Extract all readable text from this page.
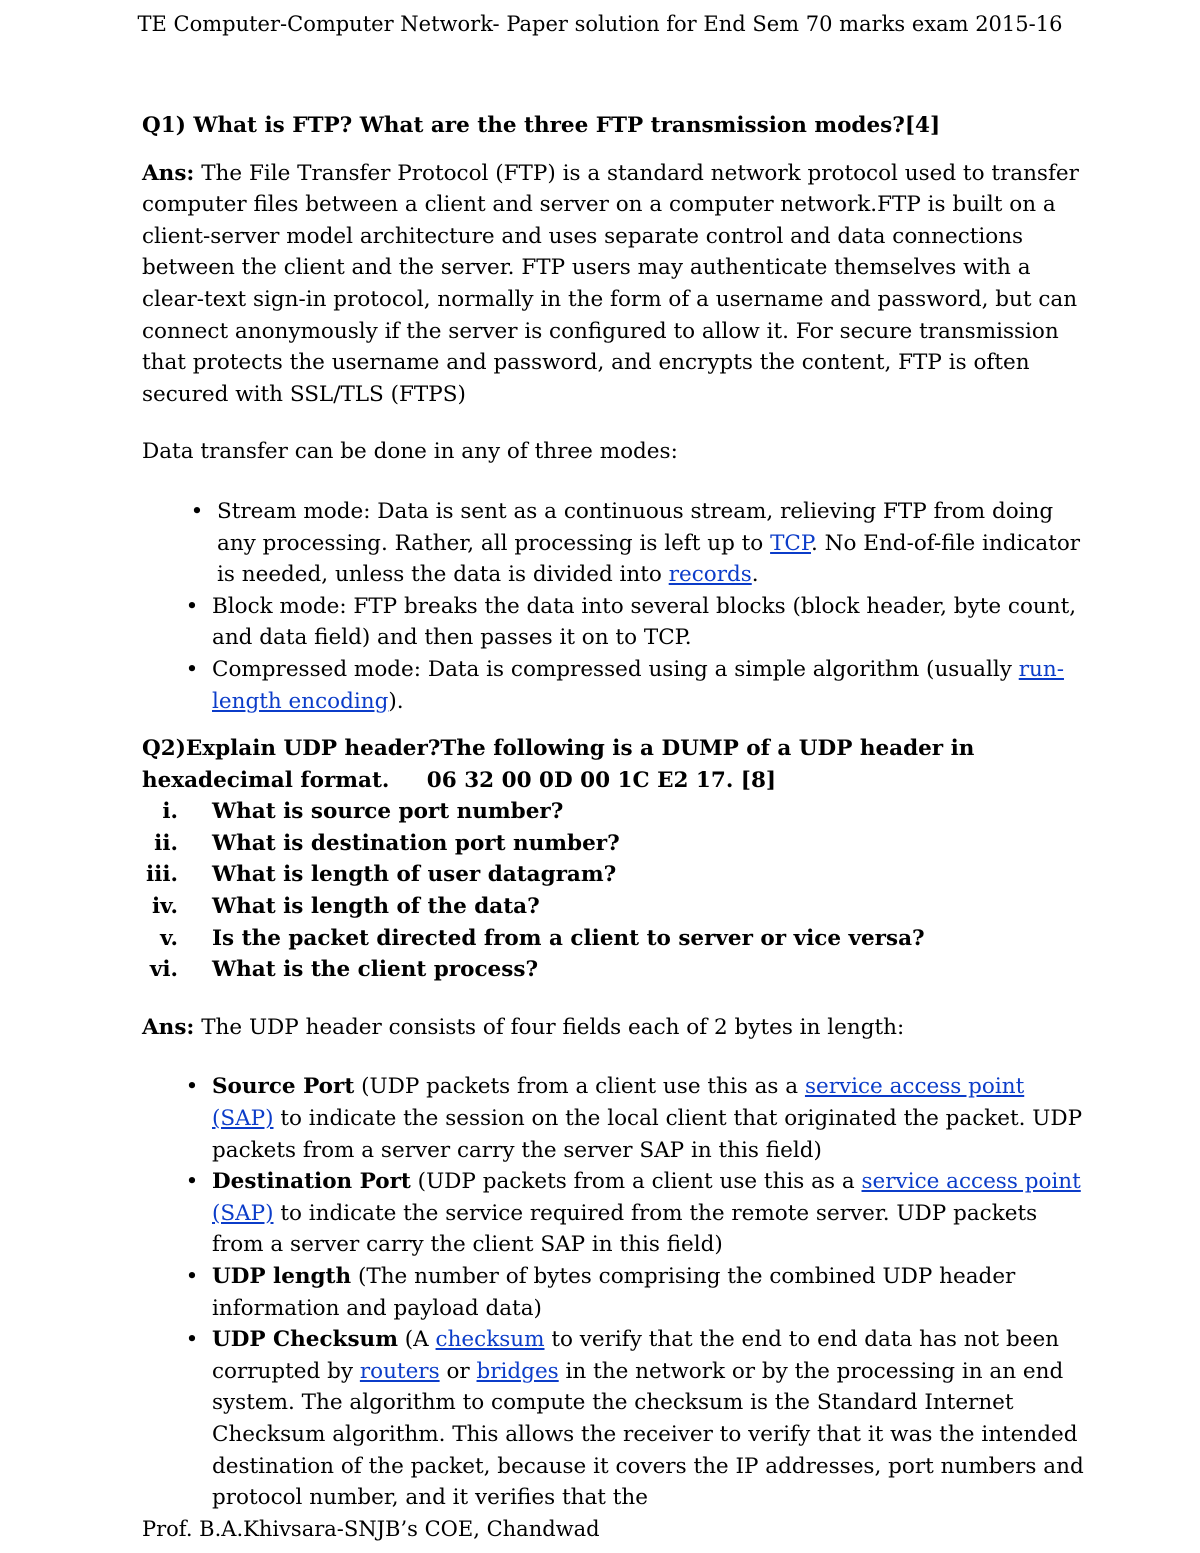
TE Computer-Computer Network- Paper solution for End Sem 70 marks exam 2015-16

Q1) What is FTP? What are the three FTP transmission modes?[4]

Ans: The File Transfer Protocol (FTP) is a standard network protocol used to transfer computer files between a client and server on a computer network.FTP is built on a client-server model architecture and uses separate control and data connections between the client and the server. FTP users may authenticate themselves with a clear-text sign-in protocol, normally in the form of a username and password, but can connect anonymously if the server is configured to allow it. For secure transmission that protects the username and password, and encrypts the content, FTP is often secured with SSL/TLS (FTPS)

Data transfer can be done in any of three modes:

• Stream mode: Data is sent as a continuous stream, relieving FTP from doing any processing. Rather, all processing is left up to TCP. No End-of-file indicator is needed, unless the data is divided into records.
• Block mode: FTP breaks the data into several blocks (block header, byte count, and data field) and then passes it on to TCP.
• Compressed mode: Data is compressed using a simple algorithm (usually run-length encoding).

Q2)Explain UDP header?The following is a DUMP of a UDP header in hexadecimal format.     06 32 00 0D 00 1C E2 17. [8]

i. What is source port number?
ii. What is destination port number?
iii. What is length of user datagram?
iv. What is length of the data?
v. Is the packet directed from a client to server or vice versa?
vi. What is the client process?

Ans: The UDP header consists of four fields each of 2 bytes in length:

• Source Port (UDP packets from a client use this as a service access point (SAP) to indicate the session on the local client that originated the packet. UDP packets from a server carry the server SAP in this field)
• Destination Port (UDP packets from a client use this as a service access point (SAP) to indicate the service required from the remote server. UDP packets from a server carry the client SAP in this field)
• UDP length (The number of bytes comprising the combined UDP header information and payload data)
• UDP Checksum (A checksum to verify that the end to end data has not been corrupted by routers or bridges in the network or by the processing in an end system. The algorithm to compute the checksum is the Standard Internet Checksum algorithm. This allows the receiver to verify that it was the intended destination of the packet, because it covers the IP addresses, port numbers and protocol number, and it verifies that the
Prof. B.A.Khivsara-SNJB’s COE, Chandwad
